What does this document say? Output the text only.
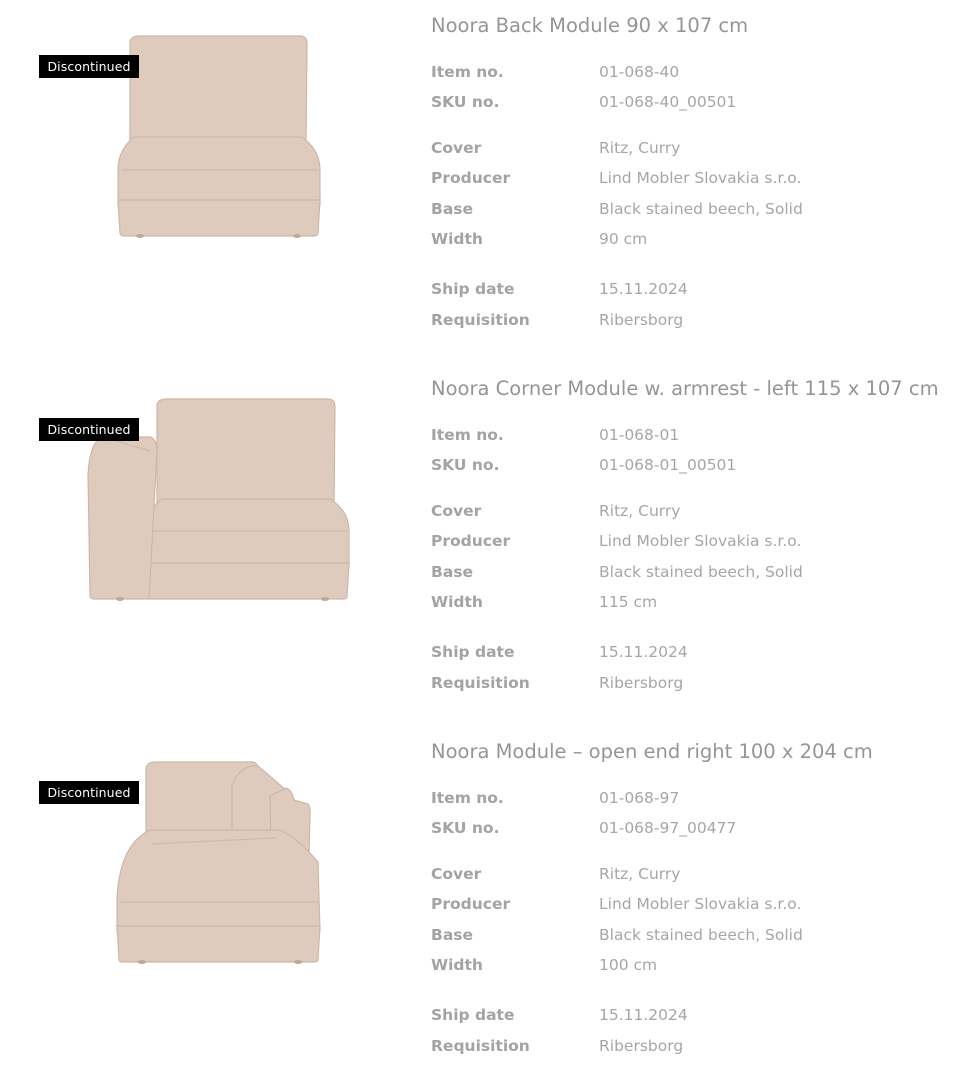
Discontinued
Noora Back Module 90 x 107 cm
Item no.	01-068-40
SKU no.	01-068-40_00501
Cover	Ritz, Curry
Producer	Lind Mobler Slovakia s.r.o.
Base	Black stained beech, Solid
Width	90 cm
Ship date	15.11.2024
Requisition	Ribersborg
Discontinued
Noora Corner Module w. armrest - left 115 x 107 cm
Item no.	01-068-01
SKU no.	01-068-01_00501
Cover	Ritz, Curry
Producer	Lind Mobler Slovakia s.r.o.
Base	Black stained beech, Solid
Width	115 cm
Ship date	15.11.2024
Requisition	Ribersborg
Discontinued
Noora Module – open end right 100 x 204 cm
Item no.	01-068-97
SKU no.	01-068-97_00477
Cover	Ritz, Curry
Producer	Lind Mobler Slovakia s.r.o.
Base	Black stained beech, Solid
Width	100 cm
Ship date	15.11.2024
Requisition	Ribersborg
